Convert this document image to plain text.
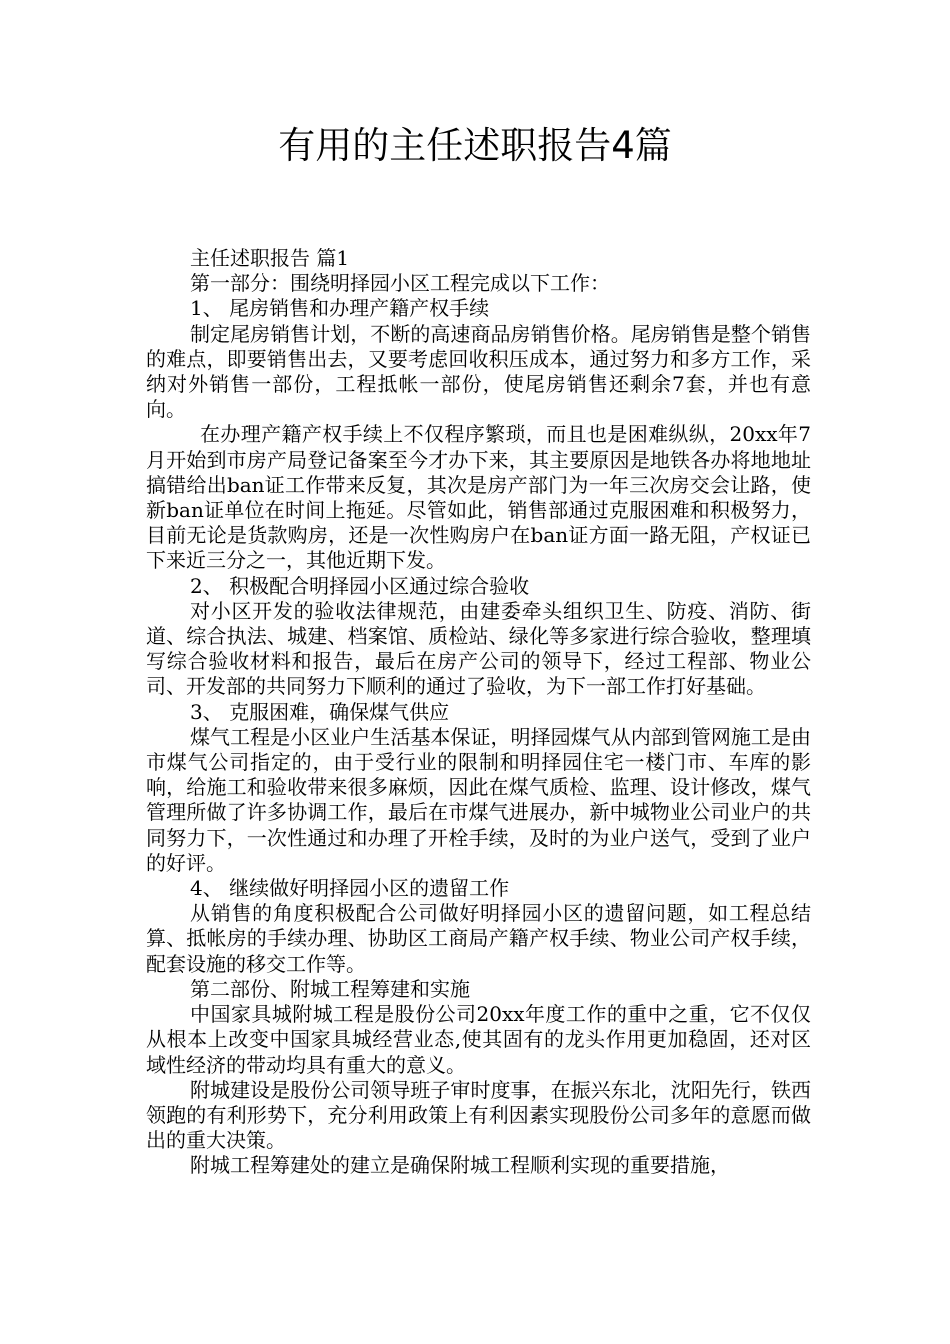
有用的主任述职报告4篇

主任述职报告 篇1

第一部分：围绕明择园小区工程完成以下工作：

1、 尾房销售和办理产籍产权手续

制定尾房销售计划，不断的高速商品房销售价格。尾房销售是整个销售的难点，即要销售出去，又要考虑回收积压成本，通过努力和多方工作，采纳对外销售一部份，工程抵帐一部份，使尾房销售还剩余7套，并也有意向。

在办理产籍产权手续上不仅程序繁琐，而且也是困难纵纵，20xx年7月开始到市房产局登记备案至今才办下来，其主要原因是地铁各办将地地址搞错给出ban证工作带来反复，其次是房产部门为一年三次房交会让路，使新ban证单位在时间上拖延。尽管如此，销售部通过克服困难和积极努力，目前无论是货款购房，还是一次性购房户在ban证方面一路无阻，产权证已下来近三分之一，其他近期下发。

2、 积极配合明择园小区通过综合验收

对小区开发的验收法律规范，由建委牵头组织卫生、防疫、消防、街道、综合执法、城建、档案馆、质检站、绿化等多家进行综合验收，整理填写综合验收材料和报告，最后在房产公司的领导下，经过工程部、物业公司、开发部的共同努力下顺利的通过了验收，为下一部工作打好基础。

3、 克服困难，确保煤气供应

煤气工程是小区业户生活基本保证，明择园煤气从内部到管网施工是由市煤气公司指定的，由于受行业的限制和明择园住宅一楼门市、车库的影响，给施工和验收带来很多麻烦，因此在煤气质检、监理、设计修改，煤气管理所做了许多协调工作，最后在市煤气进展办，新中城物业公司业户的共同努力下，一次性通过和办理了开栓手续，及时的为业户送气，受到了业户的好评。

4、 继续做好明择园小区的遗留工作

从销售的角度积极配合公司做好明择园小区的遗留问题，如工程总结算、抵帐房的手续办理、协助区工商局产籍产权手续、物业公司产权手续，配套设施的移交工作等。

第二部份、附城工程筹建和实施

中国家具城附城工程是股份公司20xx年度工作的重中之重，它不仅仅从根本上改变中国家具城经营业态,使其固有的龙头作用更加稳固，还对区域性经济的带动均具有重大的意义。

附城建设是股份公司领导班子审时度事，在振兴东北，沈阳先行，铁西领跑的有利形势下，充分利用政策上有利因素实现股份公司多年的意愿而做出的重大决策。

附城工程筹建处的建立是确保附城工程顺利实现的重要措施，
